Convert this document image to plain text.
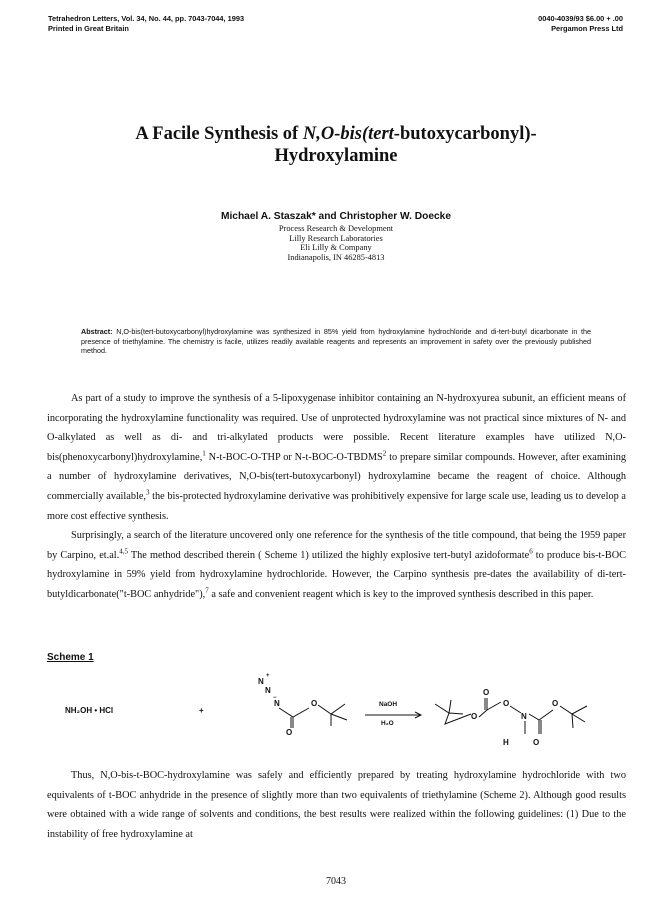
Tetrahedron Letters, Vol. 34, No. 44, pp. 7043-7044, 1993
Printed in Great Britain
0040-4039/93 $6.00 + .00
Pergamon Press Ltd
A Facile Synthesis of N,O-bis(tert-butoxycarbonyl)-
Hydroxylamine
Michael A. Staszak* and Christopher W. Doecke
Process Research & Development
Lilly Research Laboratories
Eli Lilly & Company
Indianapolis, IN 46285-4813
Abstract: N,O-bis(tert-butoxycarbonyl)hydroxylamine was synthesized in 85% yield from hydroxylamine hydrochloride and di-tert-butyl dicarbonate in the presence of triethylamine. The chemistry is facile, utilizes readily available reagents and represents an improvement in safety over the previously published method.

As part of a study to improve the synthesis of a 5-lipoxygenase inhibitor containing an N-hydroxyurea subunit, an efficient means of incorporating the hydroxylamine functionality was required. Use of unprotected hydroxylamine was not practical since mixtures of N- and O-alkylated as well as di- and tri-alkylated products were possible. Recent literature examples have utilized N,O-bis(phenoxycarbonyl)hydroxylamine,$^1$ N-t-BOC-O-THP or N-t-BOC-O-TBDMS$^2$ to prepare similar compounds. However, after examining a number of hydroxylamine derivatives, N,O-bis(tert-butoxycarbonyl) hydroxylamine became the reagent of choice. Although commercially available,$^3$ the bis-protected hydroxylamine derivative was prohibitively expensive for large scale use, leading us to develop a more cost effective synthesis.

Surprisingly, a search of the literature uncovered only one reference for the synthesis of the title compound, that being the 1959 paper by Carpino, et.al.$^{4,5}$ The method described therein ( Scheme 1) utilized the highly explosive tert-butyl azidoformate$^6$ to produce bis-t-BOC hydroxylamine in 59% yield from hydroxylamine hydrochloride. However, the Carpino synthesis pre-dates the availability of di-tert-butyldicarbonate("t-BOC anhydride"),$^7$ a safe and convenient reagent which is key to the improved synthesis described in this paper.

Scheme 1
NH₂OH • HCl	+
N
+
N
−
N	O
O
NaOH
H₂O
O
O
O
N
H	O
O

Thus, N,O-bis-t-BOC-hydroxylamine was safely and efficiently prepared by treating hydroxylamine hydrochloride with two equivalents of t-BOC anhydride in the presence of slightly more than two equivalents of triethylamine (Scheme 2). Although good results were obtained with a wide range of solvents and conditions, the best results were realized within the following guidelines: (1) Due to the instability of free hydroxylamine at

7043
